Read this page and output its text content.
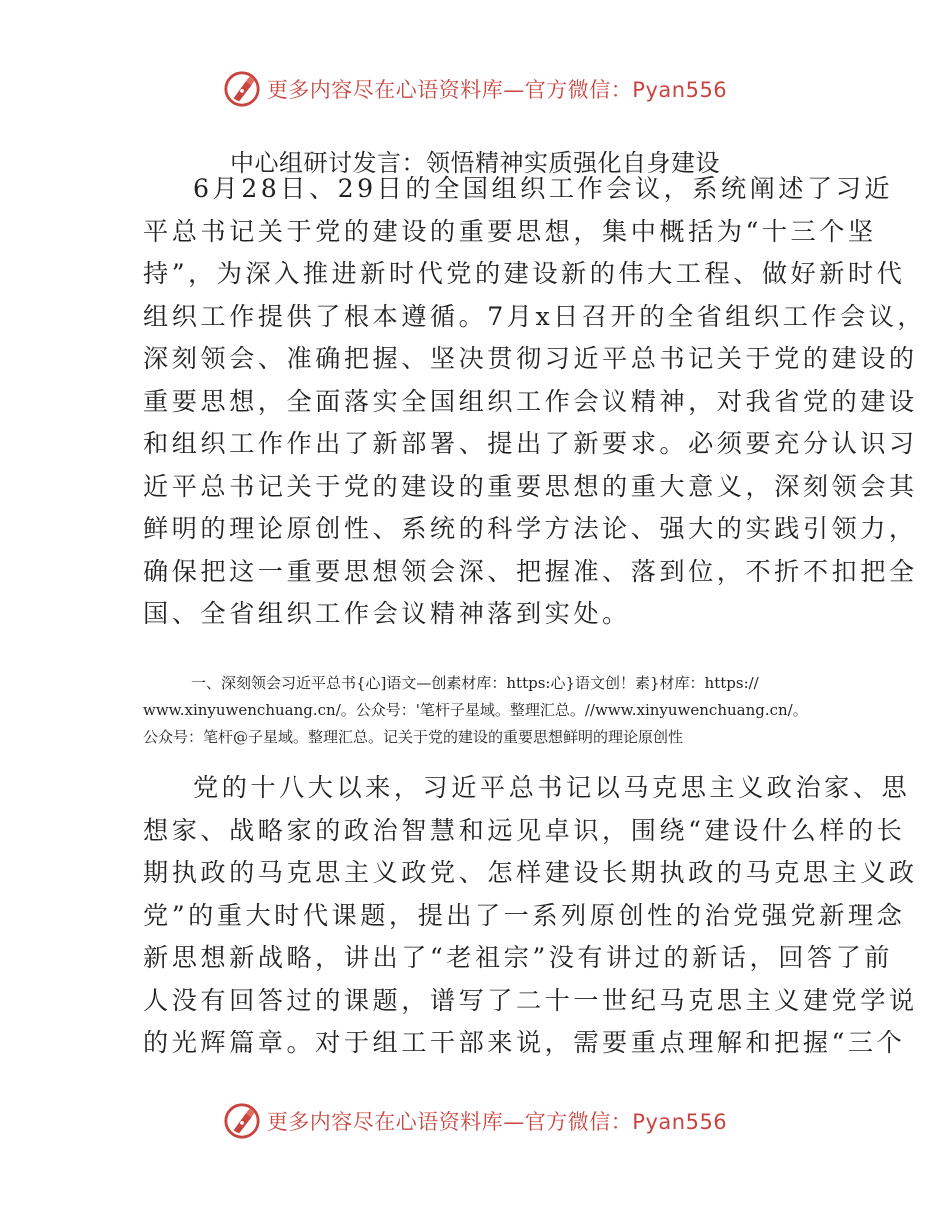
更多内容尽在心语资料库—官方微信：Pyan556
中心组研讨发言：领悟精神实质强化自身建设
6月28日、29日的全国组织工作会议，系统阐述了习近
平总书记关于党的建设的重要思想，集中概括为“十三个坚
持”，为深入推进新时代党的建设新的伟大工程、做好新时代
组织工作提供了根本遵循。7月x日召开的全省组织工作会议，
深刻领会、准确把握、坚决贯彻习近平总书记关于党的建设的
重要思想，全面落实全国组织工作会议精神，对我省党的建设
和组织工作作出了新部署、提出了新要求。必须要充分认识习
近平总书记关于党的建设的重要思想的重大意义，深刻领会其
鲜明的理论原创性、系统的科学方法论、强大的实践引领力，
确保把这一重要思想领会深、把握准、落到位，不折不扣把全
国、全省组织工作会议精神落到实处。
一、深刻领会习近平总书{心]语文—创素材库：https:心}语文创！素}材库：https://
www.xinyuwenchuang.cn/。公众号：'笔杆子星域。整理汇总。//www.xinyuwenchuang.cn/。
公众号：笔杆@子星域。整理汇总。记关于党的建设的重要思想鲜明的理论原创性
党的十八大以来，习近平总书记以马克思主义政治家、思
想家、战略家的政治智慧和远见卓识，围绕“建设什么样的长
期执政的马克思主义政党、怎样建设长期执政的马克思主义政
党”的重大时代课题，提出了一系列原创性的治党强党新理念
新思想新战略，讲出了“老祖宗”没有讲过的新话，回答了前
人没有回答过的课题，谱写了二十一世纪马克思主义建党学说
的光辉篇章。对于组工干部来说，需要重点理解和把握“三个
更多内容尽在心语资料库—官方微信：Pyan556
